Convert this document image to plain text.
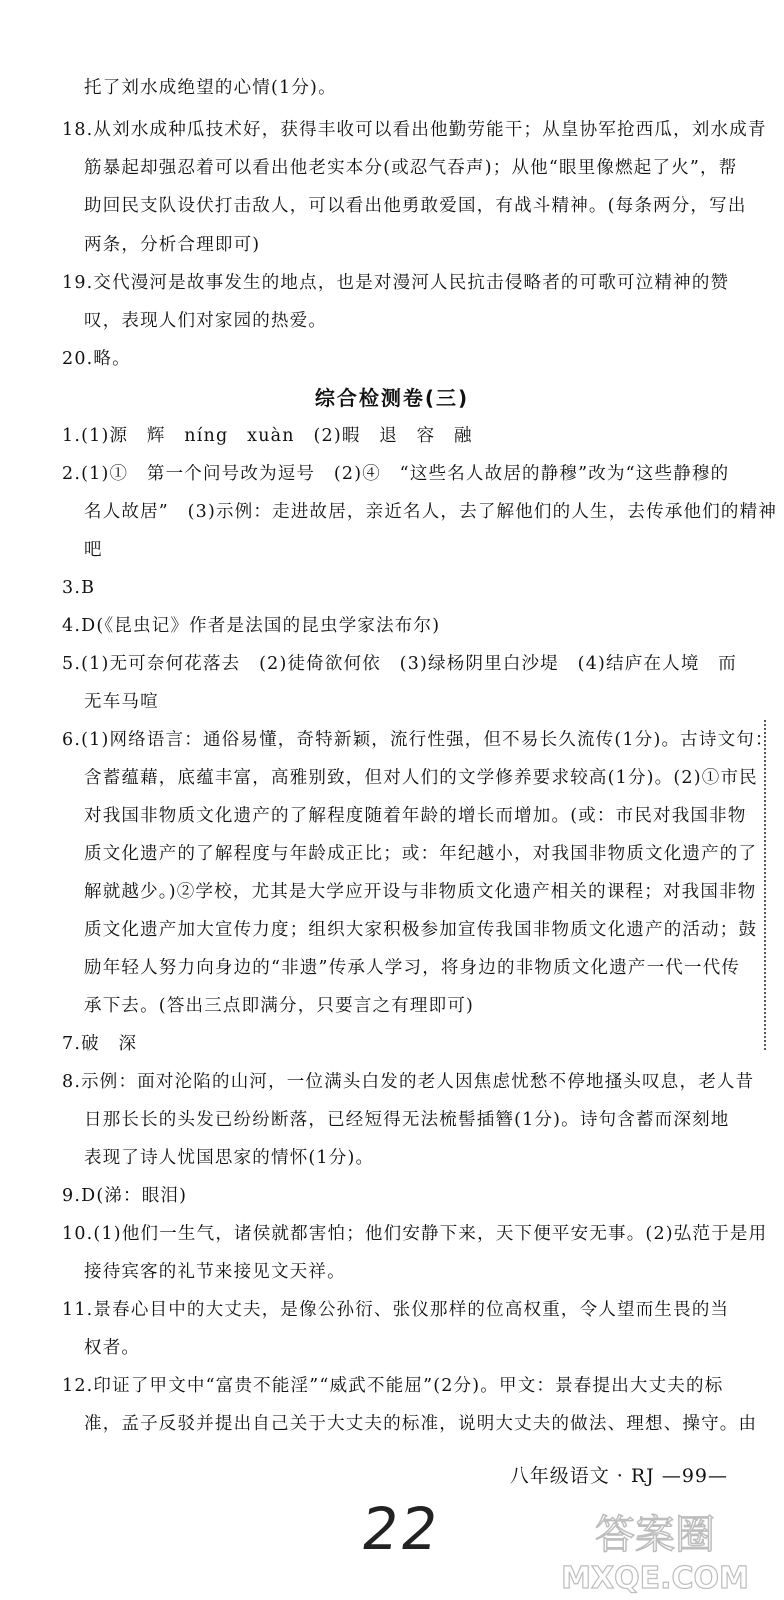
托了刘水成绝望的心情(1分)。
18.从刘水成种瓜技术好，获得丰收可以看出他勤劳能干；从皇协军抢西瓜，刘水成青
筋暴起却强忍着可以看出他老实本分(或忍气吞声)；从他“眼里像燃起了火”，帮
助回民支队设伏打击敌人，可以看出他勇敢爱国，有战斗精神。(每条两分，写出
两条，分析合理即可)
19.交代漫河是故事发生的地点，也是对漫河人民抗击侵略者的可歌可泣精神的赞
叹，表现人们对家园的热爱。
20.略。
综合检测卷(三)
1.(1)源　辉　níng　xuàn　(2)暇　退　容　融
2.(1)①　第一个问号改为逗号　(2)④　“这些名人故居的静穆”改为“这些静穆的
名人故居”　(3)示例：走进故居，亲近名人，去了解他们的人生，去传承他们的精神
吧
3.B
4.D(《昆虫记》作者是法国的昆虫学家法布尔)
5.(1)无可奈何花落去　(2)徒倚欲何依　(3)绿杨阴里白沙堤　(4)结庐在人境　而
无车马喧
6.(1)网络语言：通俗易懂，奇特新颖，流行性强，但不易长久流传(1分)。古诗文句：
含蓄蕴藉，底蕴丰富，高雅别致，但对人们的文学修养要求较高(1分)。(2)①市民
对我国非物质文化遗产的了解程度随着年龄的增长而增加。(或：市民对我国非物
质文化遗产的了解程度与年龄成正比；或：年纪越小，对我国非物质文化遗产的了
解就越少。)②学校，尤其是大学应开设与非物质文化遗产相关的课程；对我国非物
质文化遗产加大宣传力度；组织大家积极参加宣传我国非物质文化遗产的活动；鼓
励年轻人努力向身边的“非遗”传承人学习，将身边的非物质文化遗产一代一代传
承下去。(答出三点即满分，只要言之有理即可)
7.破　深
8.示例：面对沦陷的山河，一位满头白发的老人因焦虑忧愁不停地搔头叹息，老人昔
日那长长的头发已纷纷断落，已经短得无法梳髻插簪(1分)。诗句含蓄而深刻地
表现了诗人忧国思家的情怀(1分)。
9.D(涕：眼泪)
10.(1)他们一生气，诸侯就都害怕；他们安静下来，天下便平安无事。(2)弘范于是用
接待宾客的礼节来接见文天祥。
11.景春心目中的大丈夫，是像公孙衍、张仪那样的位高权重，令人望而生畏的当
权者。
12.印证了甲文中“富贵不能淫”“威武不能屈”(2分)。甲文：景春提出大丈夫的标
准，孟子反驳并提出自己关于大丈夫的标准，说明大丈夫的做法、理想、操守。由
八年级语文 · RJ —99—
22	答案圈
MXQE.COM
